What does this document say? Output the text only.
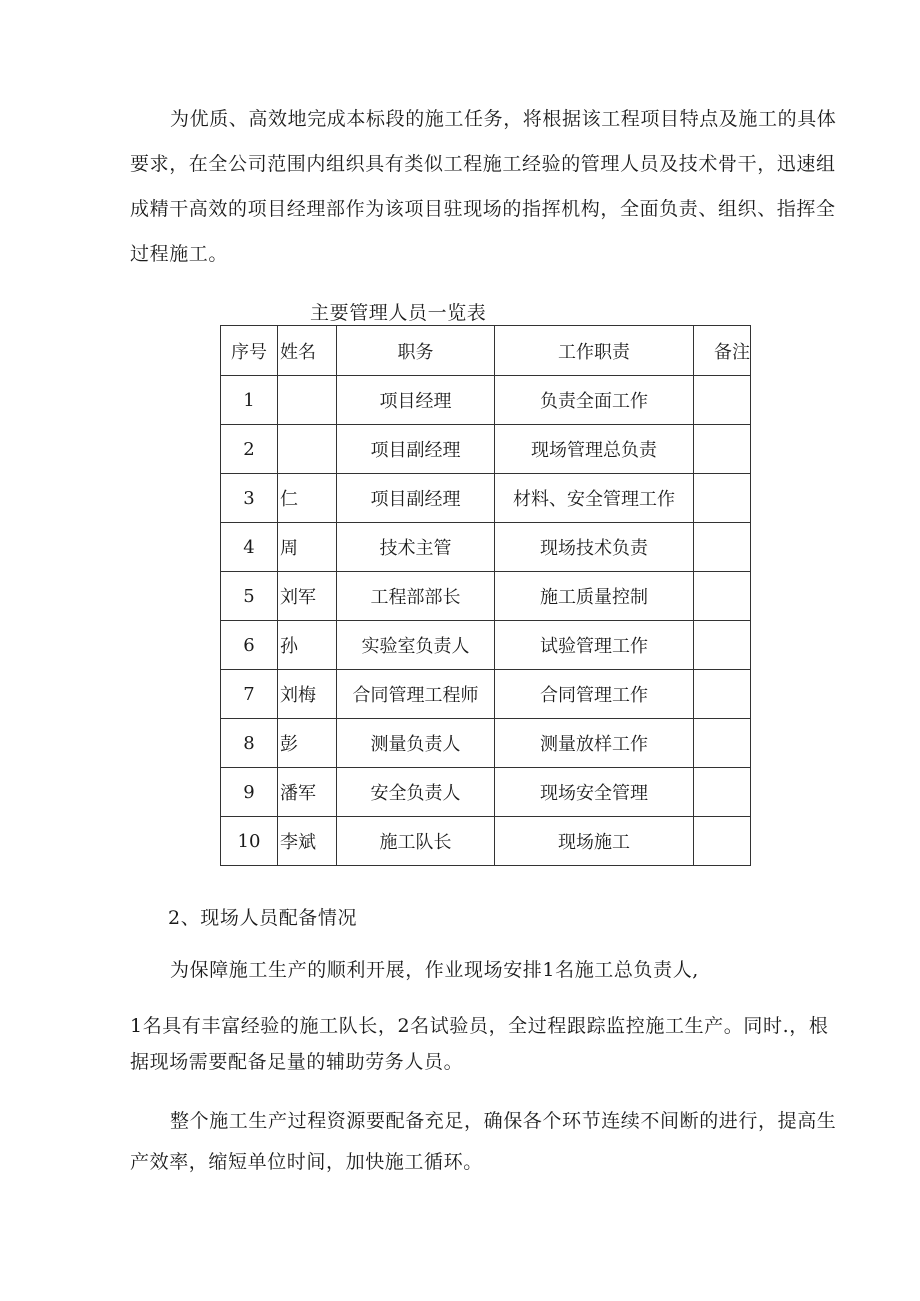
为优质、高效地完成本标段的施工任务，将根据该工程项目特点及施工的具体要求，在全公司范围内组织具有类似工程施工经验的管理人员及技术骨干，迅速组成精干高效的项目经理部作为该项目驻现场的指挥机构，全面负责、组织、指挥全过程施工。

主要管理人员一览表

序号	姓名	职务	工作职责	备注
1		项目经理	负责全面工作	
2		项目副经理	现场管理总负责	
3	仁	项目副经理	材料、安全管理工作	
4	周	技术主管	现场技术负责	
5	刘军	工程部部长	施工质量控制	
6	孙	实验室负责人	试验管理工作	
7	刘梅	合同管理工程师	合同管理工作	
8	彭	测量负责人	测量放样工作	
9	潘军	安全负责人	现场安全管理	
10	李斌	施工队长	现场施工	

2、现场人员配备情况

为保障施工生产的顺利开展，作业现场安排1名施工总负责人,

1名具有丰富经验的施工队长，2名试验员，全过程跟踪监控施工生产。同时.，根据现场需要配备足量的辅助劳务人员。

整个施工生产过程资源要配备充足，确保各个环节连续不间断的进行，提高生产效率，缩短单位时间，加快施工循环。
